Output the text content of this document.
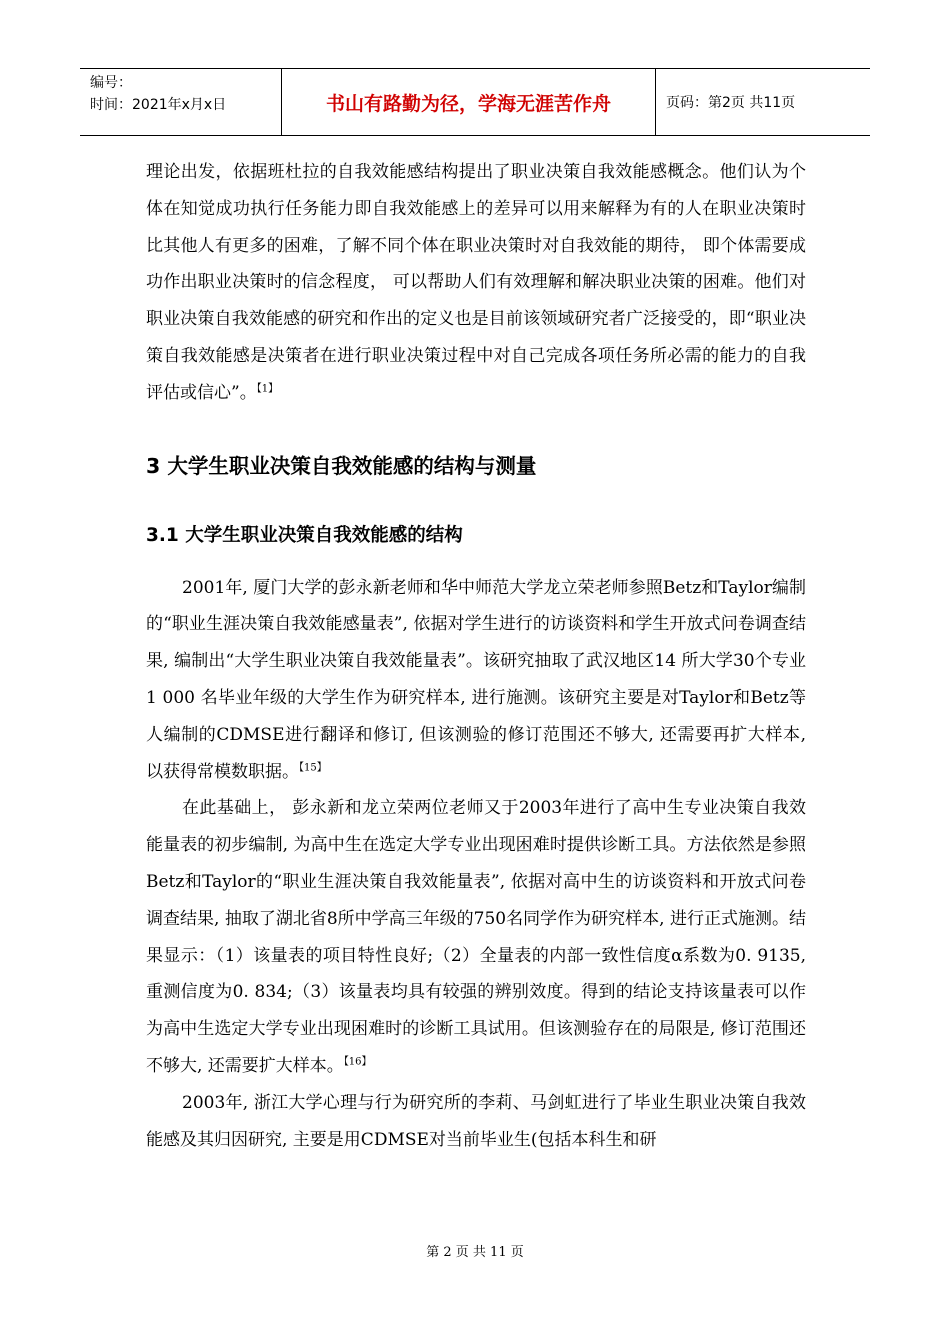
编号：
时间：2021年x月x日	书山有路勤为径，学海无涯苦作舟	页码：第2页 共11页

理论出发，依据班杜拉的自我效能感结构提出了职业决策自我效能感概念。他们认为个体在知觉成功执行任务能力即自我效能感上的差异可以用来解释为有的人在职业决策时比其他人有更多的困难，了解不同个体在职业决策时对自我效能的期待， 即个体需要成功作出职业决策时的信念程度， 可以帮助人们有效理解和解决职业决策的困难。他们对职业决策自我效能感的研究和作出的定义也是目前该领域研究者广泛接受的，即“职业决策自我效能感是决策者在进行职业决策过程中对自己完成各项任务所必需的能力的自我评估或信心”。$^{【1】}$

3 大学生职业决策自我效能感的结构与测量
3.1 大学生职业决策自我效能感的结构

2001年, 厦门大学的彭永新老师和华中师范大学龙立荣老师参照Betz和Taylor编制的“职业生涯决策自我效能感量表”, 依据对学生进行的访谈资料和学生开放式问卷调查结果, 编制出“大学生职业决策自我效能量表”。该研究抽取了武汉地区14 所大学30个专业1 000 名毕业年级的大学生作为研究样本, 进行施测。该研究主要是对Taylor和Betz等人编制的CDMSE进行翻译和修订, 但该测验的修订范围还不够大, 还需要再扩大样本, 以获得常模数职据。$^{【15】}$

在此基础上， 彭永新和龙立荣两位老师又于2003年进行了高中生专业决策自我效能量表的初步编制, 为高中生在选定大学专业出现困难时提供诊断工具。方法依然是参照Betz和Taylor的“职业生涯决策自我效能量表”, 依据对高中生的访谈资料和开放式问卷调查结果, 抽取了湖北省8所中学高三年级的750名同学作为研究样本, 进行正式施测。结果显示：（1）该量表的项目特性良好;（2）全量表的内部一致性信度α系数为0. 9135, 重测信度为0. 834;（3）该量表均具有较强的辨别效度。得到的结论支持该量表可以作为高中生选定大学专业出现困难时的诊断工具试用。但该测验存在的局限是, 修订范围还不够大, 还需要扩大样本。$^{【16】}$

2003年, 浙江大学心理与行为研究所的李莉、马剑虹进行了毕业生职业决策自我效能感及其归因研究, 主要是用CDMSE对当前毕业生(包括本科生和研

第 2 页 共 11 页
